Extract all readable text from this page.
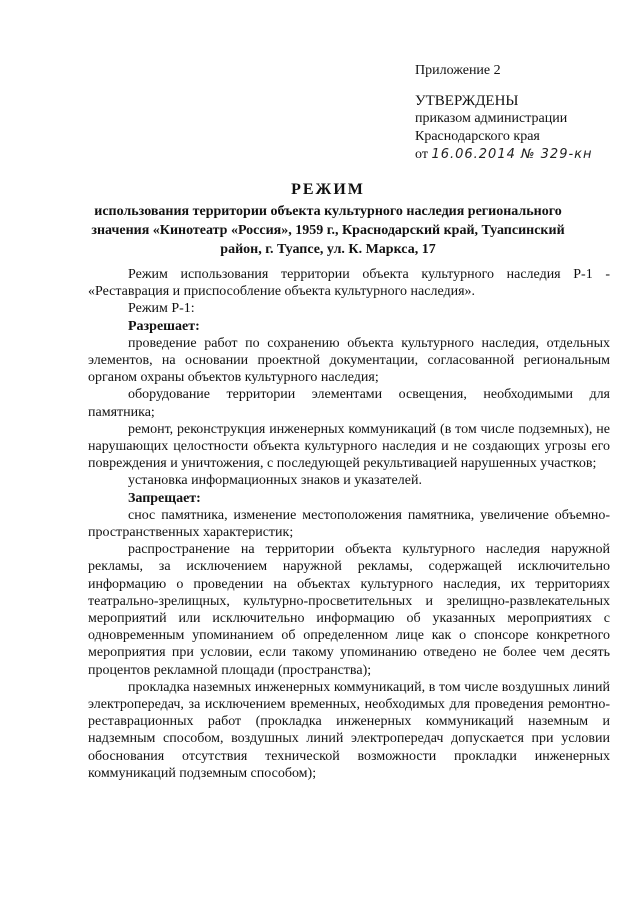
Приложение 2
УТВЕРЖДЕНЫ
приказом администрации
Краснодарского края
от 16.06.2014 № 329-кн
РЕЖИМ
использования территории объекта культурного наследия регионального значения «Кинотеатр «Россия», 1959 г., Краснодарский край, Туапсинский район, г. Туапсе, ул. К. Маркса, 17

Режим использования территории объекта культурного наследия Р-1 - «Реставрация и приспособление объекта культурного наследия».

Режим Р-1:

Разрешает:

проведение работ по сохранению объекта культурного наследия, отдельных элементов, на основании проектной документации, согласованной региональным органом охраны объектов культурного наследия;

оборудование территории элементами освещения, необходимыми для памятника;

ремонт, реконструкция инженерных коммуникаций (в том числе подземных), не нарушающих целостности объекта культурного наследия и не создающих угрозы его повреждения и уничтожения, с последующей рекультивацией нарушенных участков;

установка информационных знаков и указателей.

Запрещает:

снос памятника, изменение местоположения памятника, увеличение объемно-пространственных характеристик;

распространение на территории объекта культурного наследия наружной рекламы, за исключением наружной рекламы, содержащей исключительно информацию о проведении на объектах культурного наследия, их территориях театрально-зрелищных, культурно-просветительных и зрелищно-развлекательных мероприятий или исключительно информацию об указанных мероприятиях с одновременным упоминанием об определенном лице как о спонсоре конкретного мероприятия при условии, если такому упоминанию отведено не более чем десять процентов рекламной площади (пространства);

прокладка наземных инженерных коммуникаций, в том числе воздушных линий электропередач, за исключением временных, необходимых для проведения ремонтно-реставрационных работ (прокладка инженерных коммуникаций наземным и надземным способом, воздушных линий электропередач допускается при условии обоснования отсутствия технической возможности прокладки инженерных коммуникаций подземным способом);
